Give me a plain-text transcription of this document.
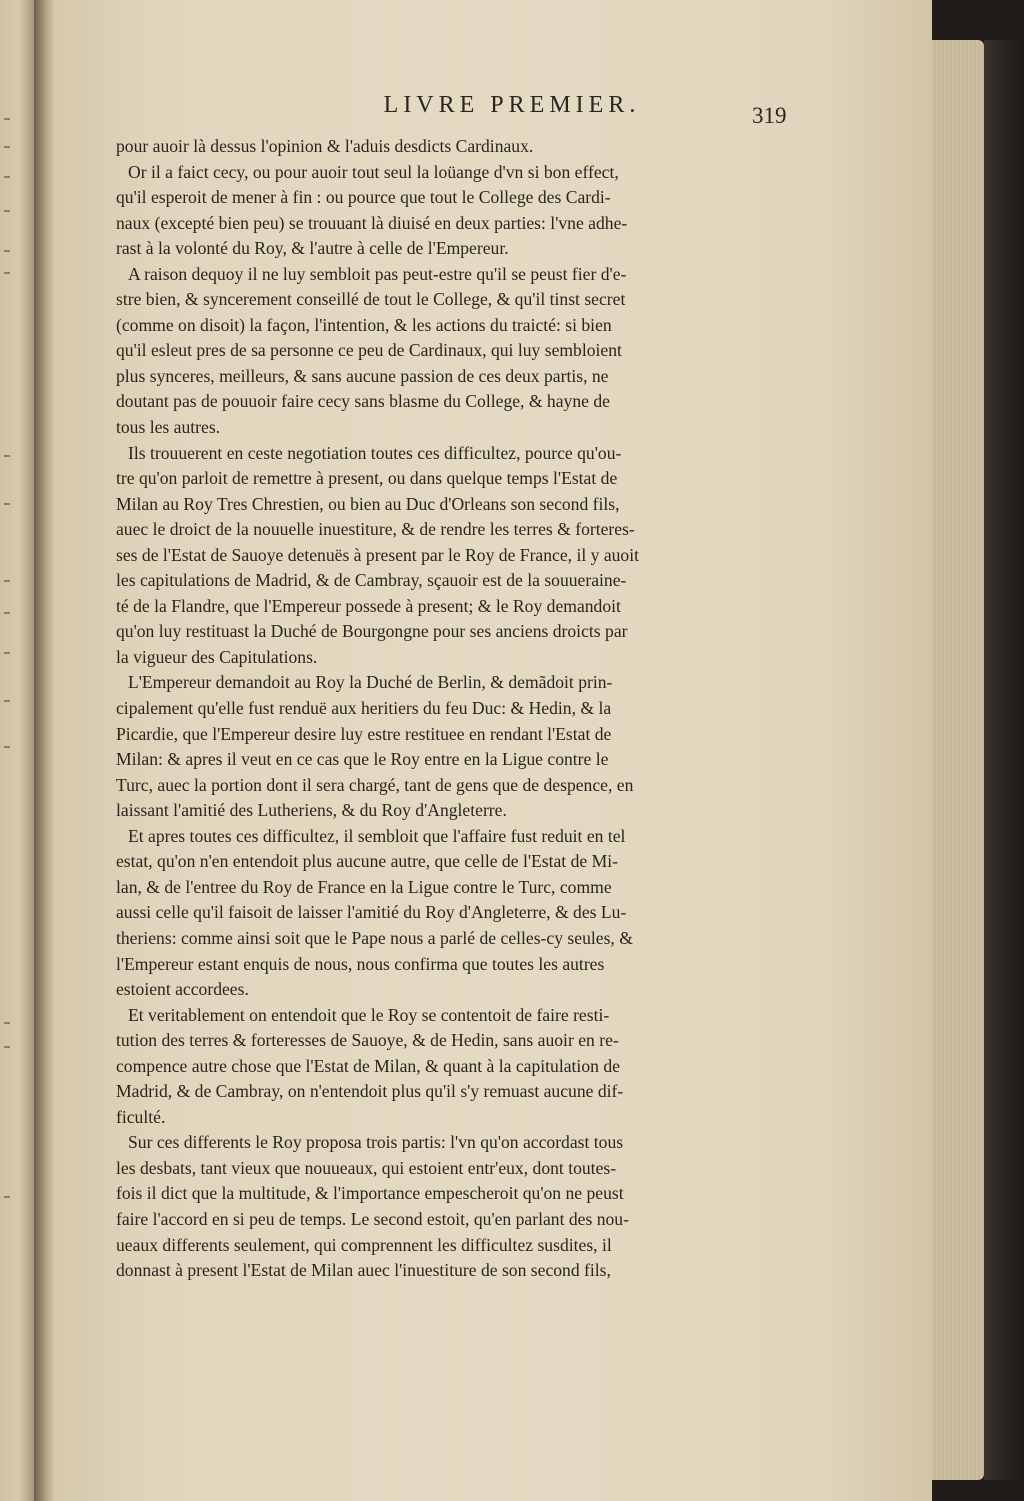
LIVRE PREMIER.	319
pour auoir là dessus l'opinion & l'aduis desdicts Cardinaux.
Or il a faict cecy, ou pour auoir tout seul la loüange d'vn si bon effect,
qu'il esperoit de mener à fin : ou pource que tout le College des Cardi-
naux (excepté bien peu) se trouuant là diuisé en deux parties: l'vne adhe-
rast à la volonté du Roy, & l'autre à celle de l'Empereur.
A raison dequoy il ne luy sembloit pas peut-estre qu'il se peust fier d'e-
stre bien, & syncerement conseillé de tout le College, & qu'il tinst secret
(comme on disoit) la façon, l'intention, & les actions du traicté: si bien
qu'il esleut pres de sa personne ce peu de Cardinaux, qui luy sembloient
plus synceres, meilleurs, & sans aucune passion de ces deux partis, ne
doutant pas de pouuoir faire cecy sans blasme du College, & hayne de
tous les autres.
Ils trouuerent en ceste negotiation toutes ces difficultez, pource qu'ou-
tre qu'on parloit de remettre à present, ou dans quelque temps l'Estat de
Milan au Roy Tres Chrestien, ou bien au Duc d'Orleans son second fils,
auec le droict de la nouuelle inuestiture, & de rendre les terres & forteres-
ses de l'Estat de Sauoye detenuës à present par le Roy de France, il y auoit
les capitulations de Madrid, & de Cambray, sçauoir est de la souueraine-
té de la Flandre, que l'Empereur possede à present; & le Roy demandoit
qu'on luy restituast la Duché de Bourgongne pour ses anciens droicts par
la vigueur des Capitulations.
L'Empereur demandoit au Roy la Duché de Berlin, & demãdoit prin-
cipalement qu'elle fust renduë aux heritiers du feu Duc: & Hedin, & la
Picardie, que l'Empereur desire luy estre restituee en rendant l'Estat de
Milan: & apres il veut en ce cas que le Roy entre en la Ligue contre le
Turc, auec la portion dont il sera chargé, tant de gens que de despence, en
laissant l'amitié des Lutheriens, & du Roy d'Angleterre.
Et apres toutes ces difficultez, il sembloit que l'affaire fust reduit en tel
estat, qu'on n'en entendoit plus aucune autre, que celle de l'Estat de Mi-
lan, & de l'entree du Roy de France en la Ligue contre le Turc, comme
aussi celle qu'il faisoit de laisser l'amitié du Roy d'Angleterre, & des Lu-
theriens: comme ainsi soit que le Pape nous a parlé de celles-cy seules, &
l'Empereur estant enquis de nous, nous confirma que toutes les autres
estoient accordees.
Et veritablement on entendoit que le Roy se contentoit de faire resti-
tution des terres & forteresses de Sauoye, & de Hedin, sans auoir en re-
compence autre chose que l'Estat de Milan, & quant à la capitulation de
Madrid, & de Cambray, on n'entendoit plus qu'il s'y remuast aucune dif-
ficulté.
Sur ces differents le Roy proposa trois partis: l'vn qu'on accordast tous
les desbats, tant vieux que nouueaux, qui estoient entr'eux, dont toutes-
fois il dict que la multitude, & l'importance empescheroit qu'on ne peust
faire l'accord en si peu de temps. Le second estoit, qu'en parlant des nou-
ueaux differents seulement, qui comprennent les difficultez susdites, il
donnast à present l'Estat de Milan auec l'inuestiture de son second fils,
